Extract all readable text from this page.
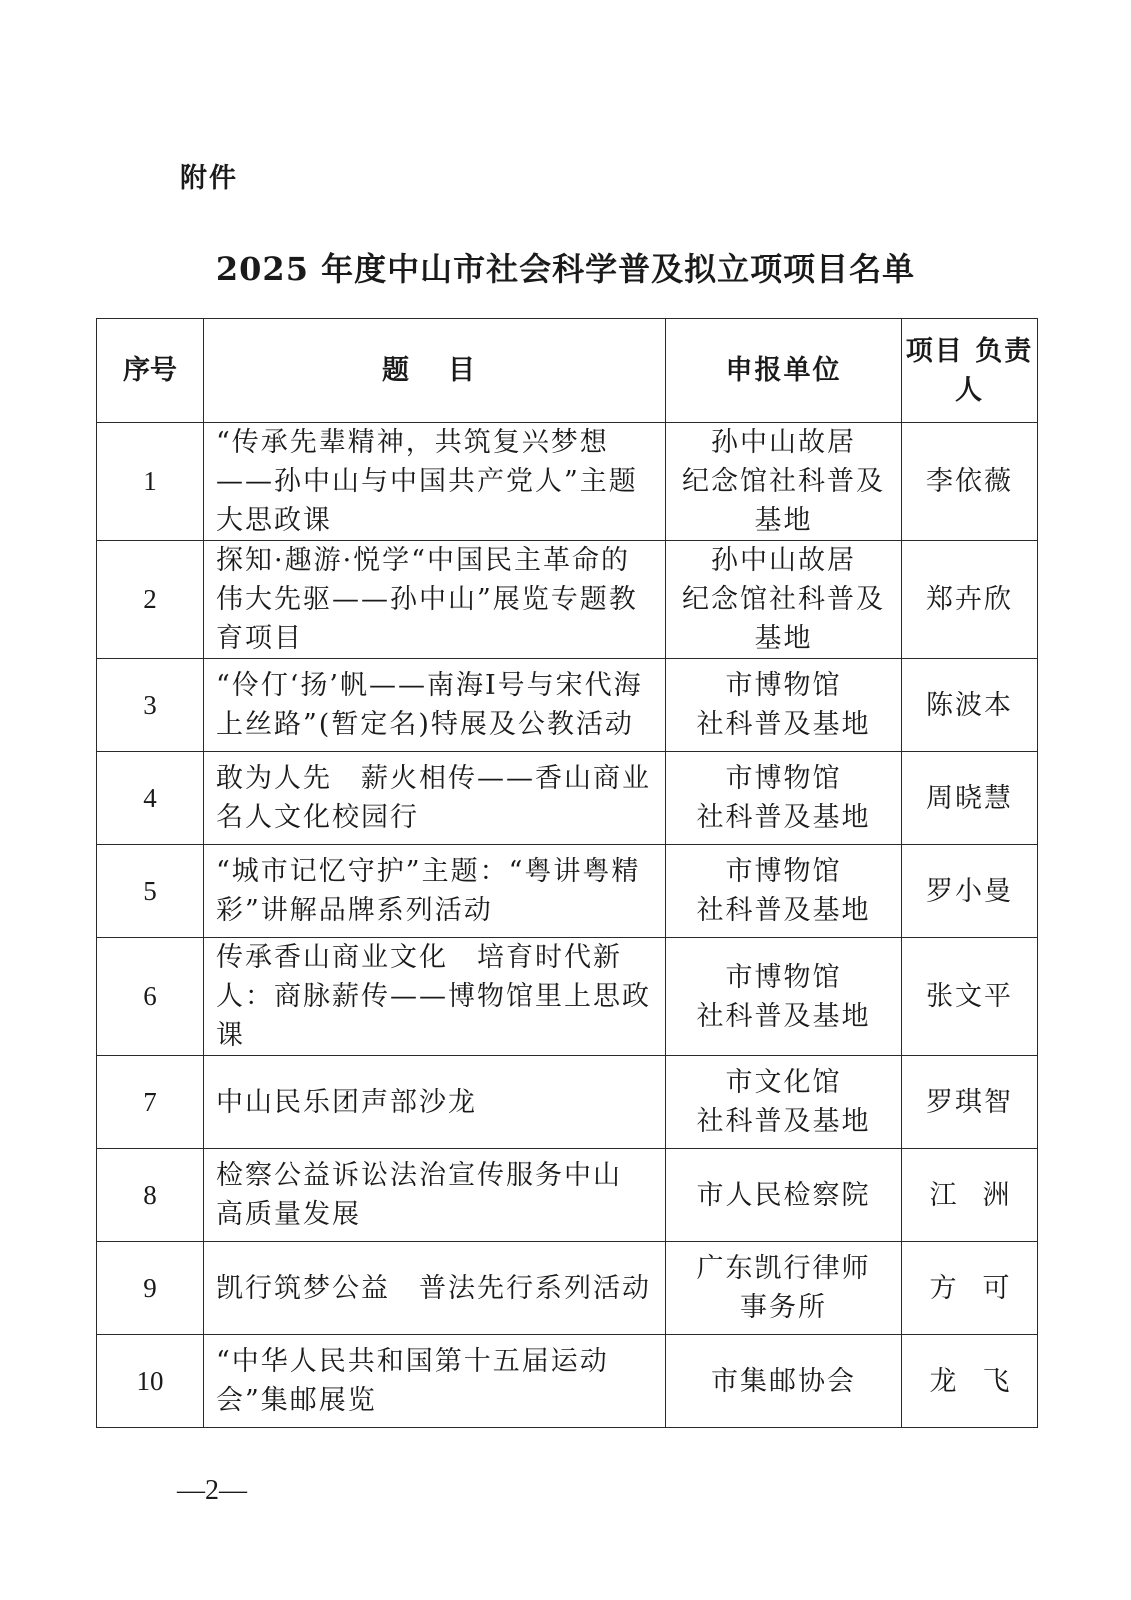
附件
2025 年度中山市社会科学普及拟立项项目名单
序号	题　目	申报单位	项目 负责人
1	“传承先辈精神，共筑复兴梦想
——孙中山与中国共产党人”主题
大思政课	孙中山故居
纪念馆社科普及
基地	李依薇
2	探知·趣游·悦学“中国民主革命的
伟大先驱——孙中山”展览专题教
育项目	孙中山故居
纪念馆社科普及
基地	郑卉欣
3	“伶仃‘扬’帆——南海I号与宋代海
上丝路”(暂定名)特展及公教活动	市博物馆
社科普及基地	陈波本
4	敢为人先　薪火相传——香山商业
名人文化校园行	市博物馆
社科普及基地	周晓慧
5	“城市记忆守护”主题：“粤讲粤精
彩”讲解品牌系列活动	市博物馆
社科普及基地	罗小曼
6	传承香山商业文化　培育时代新
人：商脉薪传——博物馆里上思政
课	市博物馆
社科普及基地	张文平
7	中山民乐团声部沙龙	市文化馆
社科普及基地	罗琪智
8	检察公益诉讼法治宣传服务中山
高质量发展	市人民检察院	江洲
9	凯行筑梦公益　普法先行系列活动	广东凯行律师
事务所	方可
10	“中华人民共和国第十五届运动
会”集邮展览	市集邮协会	龙飞
—2—
